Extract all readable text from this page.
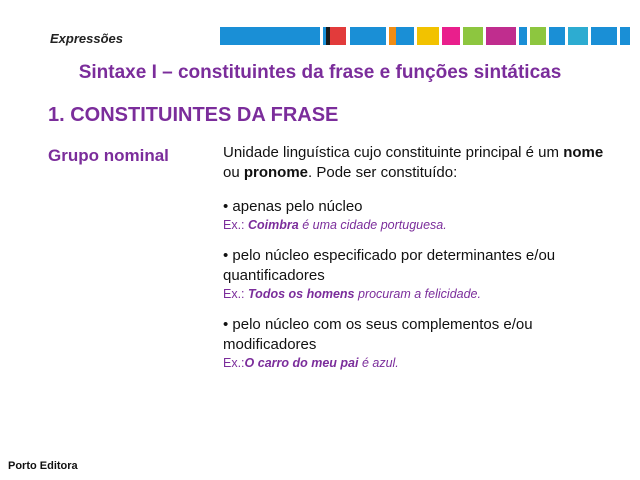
Expressões
Sintaxe I – constituintes da frase e funções sintáticas
1. CONSTITUINTES DA FRASE
Grupo nominal	Unidade linguística cujo constituinte principal é um nome ou pronome. Pode ser constituído:

• apenas pelo núcleo

Ex.: Coimbra é uma cidade portuguesa.

• pelo núcleo especificado por determinantes e/ou quantificadores

Ex.: Todos os homens procuram a felicidade.

• pelo núcleo com os seus complementos e/ou modificadores

Ex.:O carro do meu pai é azul.

Porto Editora
